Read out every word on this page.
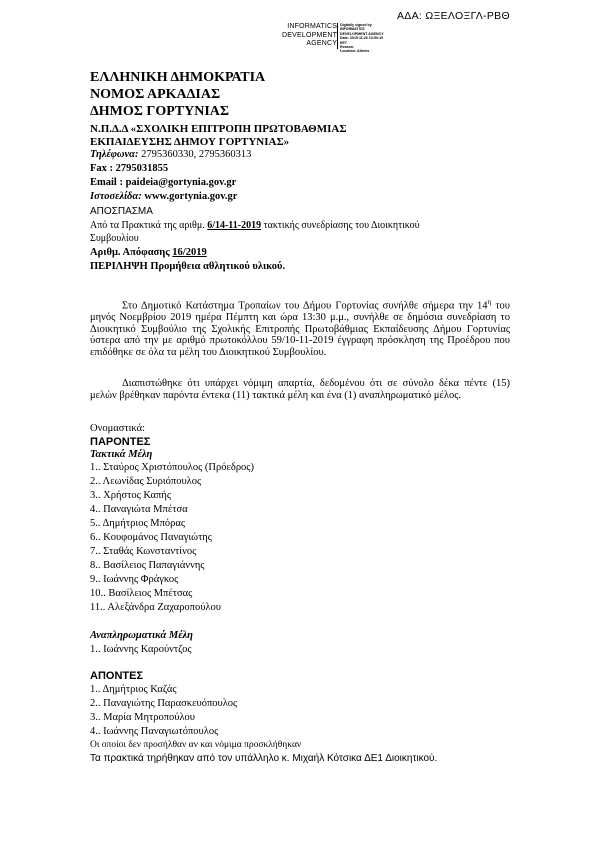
ΑΔΑ: ΩΞΕΛΟΞΓΛ-ΡΒΘ
INFORMATICS
DEVELOPMENT
AGENCY
Digitally signed by
INFORMATICS
DEVELOPMENT AGENCY
Date: 2019.11.26 10:50:10
EET
Reason:
Location: Athens
ΕΛΛΗΝΙΚΗ ΔΗΜΟΚΡΑΤΙΑ
ΝΟΜΟΣ ΑΡΚΑΔΙΑΣ
ΔΗΜΟΣ ΓΟΡΤΥΝΙΑΣ
Ν.Π.Δ.Δ «ΣΧΟΛΙΚΗ ΕΠΙΤΡΟΠΗ ΠΡΩΤΟΒΑΘΜΙΑΣ
ΕΚΠΑΙΔΕΥΣΗΣ ΔΗΜΟΥ ΓΟΡΤΥΝΙΑΣ»
Τηλέφωνα: 2795360330, 2795360313
Fax : 2795031855
Email : paideia@gortynia.gov.gr
Ιστοσελίδα: www.gortynia.gov.gr
ΑΠΟΣΠΑΣΜΑ
Από τα Πρακτικά της αριθμ. 6/14-11-2019 τακτικής συνεδρίασης του Διοικητικού
Συμβουλίου
Αριθμ. Απόφασης 16/2019
ΠΕΡΙΛΗΨΗ Προμήθεια αθλητικού υλικού.

Στο Δημοτικό Κατάστημα Τροπαίων του Δήμου Γορτυνίας συνήλθε σήμερα την $14^\eta$ του μηνός Νοεμβρίου 2019 ημέρα Πέμπτη και ώρα 13:30 μ.μ., συνήλθε σε δημόσια συνεδρίαση το Διοικητικό Συμβούλιο της Σχολικής Επιτροπής Πρωτοβάθμιας Εκπαίδευσης Δήμου Γορτυνίας ύστερα από την με αριθμό πρωτοκόλλου 59/10-11-2019 έγγραφη πρόσκληση της Προέδρου που επιδόθηκε σε όλα τα μέλη του Διοικητικού Συμβουλίου.

Διαπιστώθηκε ότι υπάρχει νόμιμη απαρτία, δεδομένου ότι σε σύνολο δέκα πέντε (15) μελών βρέθηκαν παρόντα έντεκα (11) τακτικά μέλη και ένα (1) αναπληρωματικό μέλος.

Ονομαστικά:
ΠΑΡΟΝΤΕΣ
Τακτικά Μέλη
1.. Σταύρος Χριστόπουλος (Πρόεδρος)
2.. Λεωνίδας Συριόπουλος
3.. Χρήστος Καπής
4.. Παναγιώτα Μπέτσα
5.. Δημήτριος Μπόρας
6.. Κουφομάνος Παναγιώτης
7.. Σταθάς Κωνσταντίνος
8.. Βασίλειος Παπαγιάννης
9.. Ιωάννης Φράγκος
10.. Βασίλειος Μπέτσας
11.. Αλεξάνδρα Ζαχαροπούλου
Αναπληρωματικά Μέλη
1.. Ιωάννης Καρούντζος
ΑΠΟΝΤΕΣ
1.. Δημήτριος Καζάς
2.. Παναγιώτης Παρασκευόπουλος
3.. Μαρία Μητροπούλου
4.. Ιωάννης Παναγιωτόπουλος
Οι οποίοι δεν προσήλθαν αν και νόμιμα προσκλήθηκαν
Τα πρακτικά τηρήθηκαν από τον υπάλληλο κ. Μιχαήλ Κότσικα ΔΕ1 Διοικητικού.
